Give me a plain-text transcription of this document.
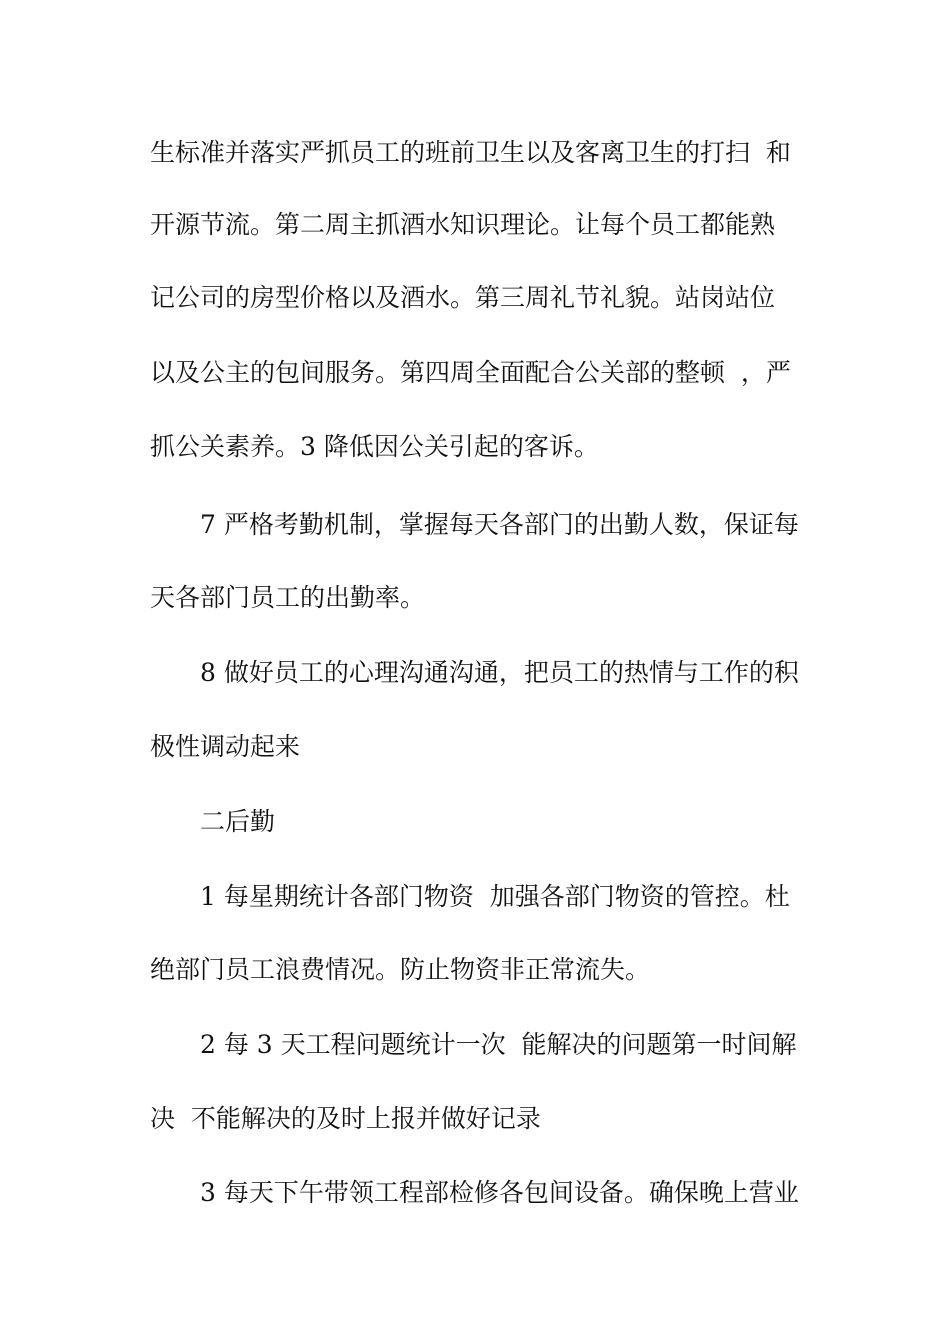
生标准并落实严抓员工的班前卫生以及客离卫生的打扫  和
开源节流。第二周主抓酒水知识理论。让每个员工都能熟
记公司的房型价格以及酒水。第三周礼节礼貌。站岗站位
以及公主的包间服务。第四周全面配合公关部的整顿  ，严
抓公关素养。3 降低因公关引起的客诉。
7 严格考勤机制，掌握每天各部门的出勤人数，保证每
天各部门员工的出勤率。
8 做好员工的心理沟通沟通，把员工的热情与工作的积
极性调动起来
二后勤
1 每星期统计各部门物资  加强各部门物资的管控。杜
绝部门员工浪费情况。防止物资非正常流失。
2 每 3 天工程问题统计一次  能解决的问题第一时间解
决  不能解决的及时上报并做好记录
3 每天下午带领工程部检修各包间设备。确保晚上营业
